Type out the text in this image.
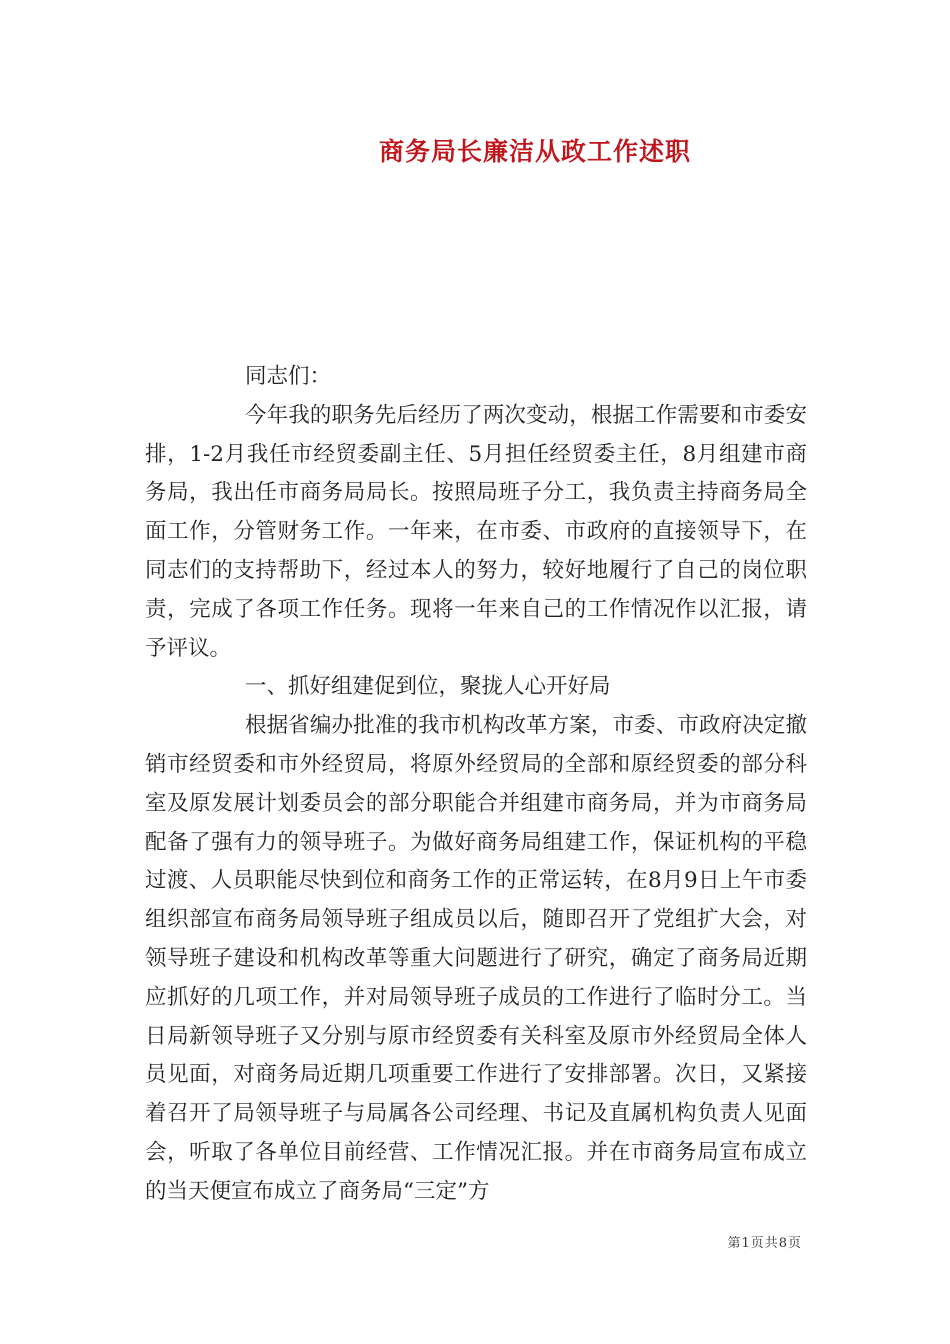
商务局长廉洁从政工作述职

同志们：

今年我的职务先后经历了两次变动，根据工作需要和市委安排，1-2月我任市经贸委副主任、5月担任经贸委主任，8月组建市商务局，我出任市商务局局长。按照局班子分工，我负责主持商务局全面工作，分管财务工作。一年来，在市委、市政府的直接领导下，在同志们的支持帮助下，经过本人的努力，较好地履行了自己的岗位职责，完成了各项工作任务。现将一年来自己的工作情况作以汇报，请予评议。

一、抓好组建促到位，聚拢人心开好局

根据省编办批准的我市机构改革方案，市委、市政府决定撤销市经贸委和市外经贸局，将原外经贸局的全部和原经贸委的部分科室及原发展计划委员会的部分职能合并组建市商务局，并为市商务局配备了强有力的领导班子。为做好商务局组建工作，保证机构的平稳过渡、人员职能尽快到位和商务工作的正常运转，在8月9日上午市委组织部宣布商务局领导班子组成员以后，随即召开了党组扩大会，对领导班子建设和机构改革等重大问题进行了研究，确定了商务局近期应抓好的几项工作，并对局领导班子成员的工作进行了临时分工。当日局新领导班子又分别与原市经贸委有关科室及原市外经贸局全体人员见面，对商务局近期几项重要工作进行了安排部署。次日，又紧接着召开了局领导班子与局属各公司经理、书记及直属机构负责人见面会，听取了各单位目前经营、工作情况汇报。并在市商务局宣布成立的当天便宣布成立了商务局“三定”方

第1页共8页
